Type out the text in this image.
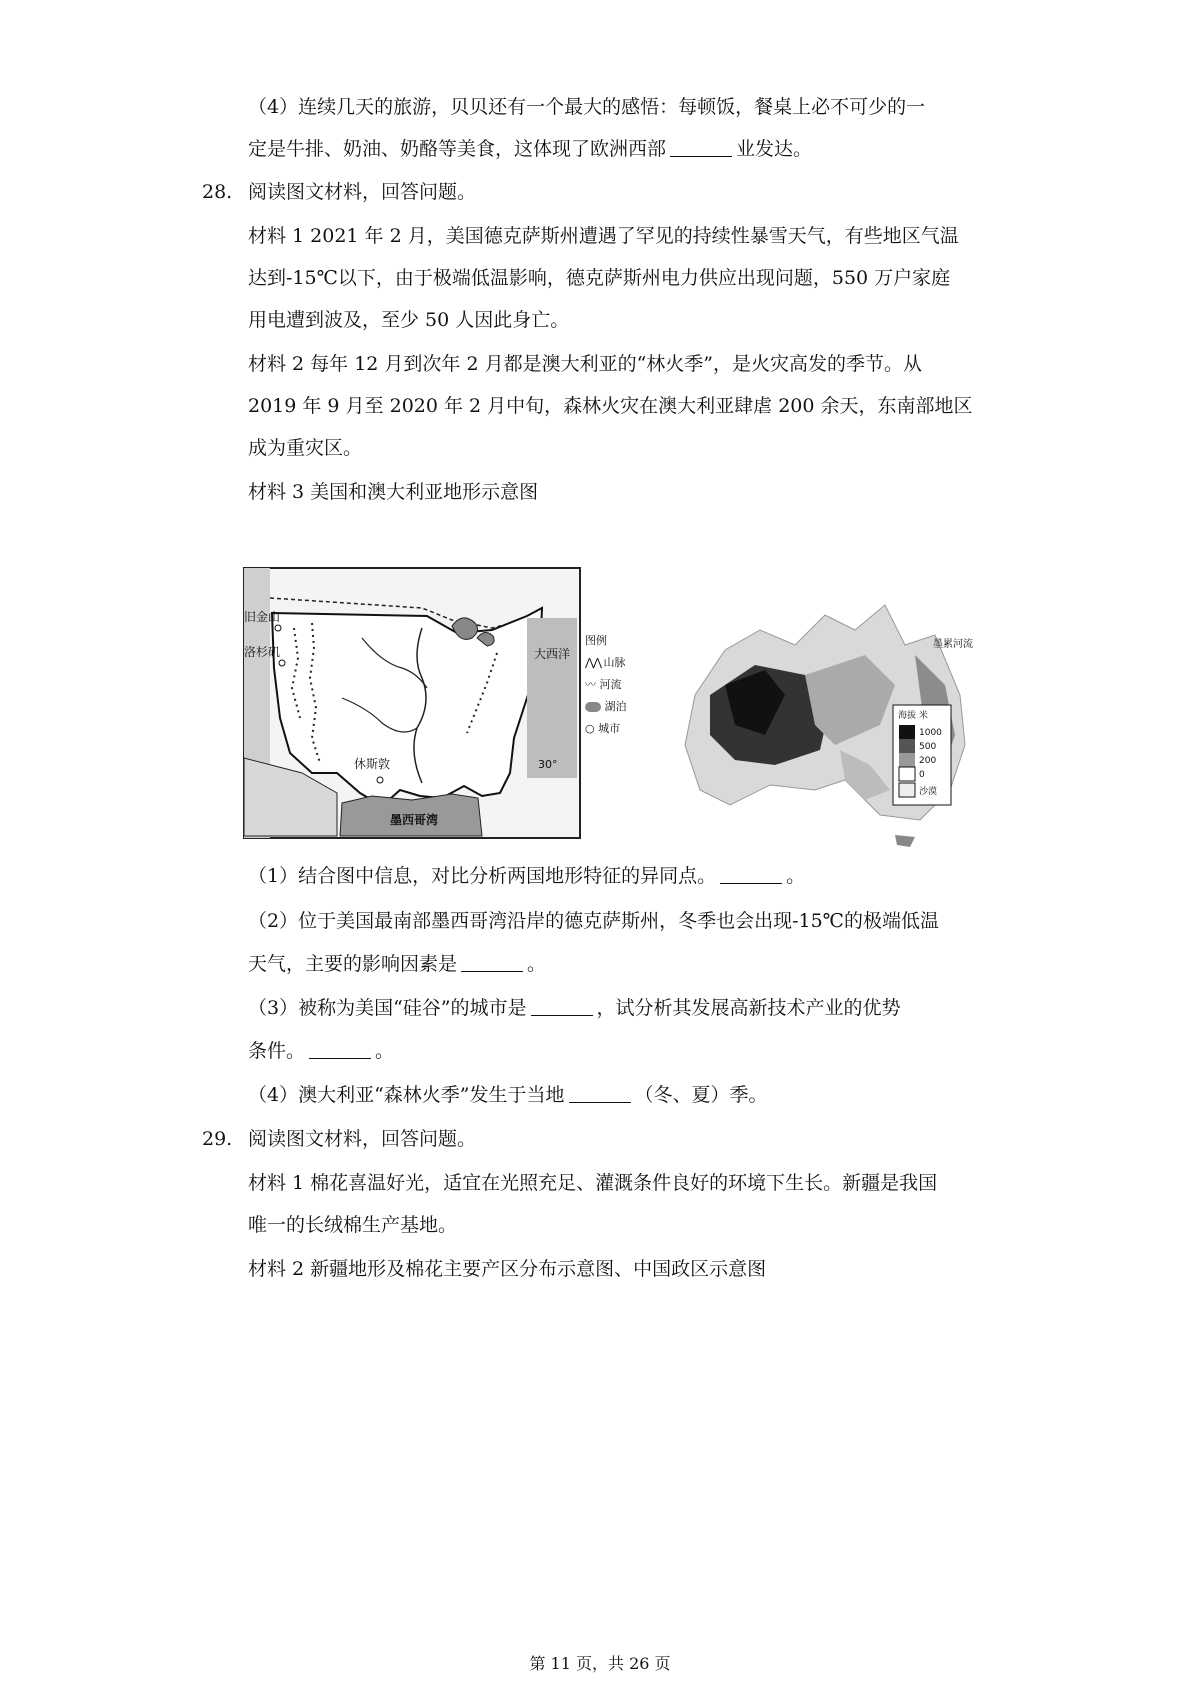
（4）连续几天的旅游，贝贝还有一个最大的感悟：每顿饭，餐桌上必不可少的一
定是牛排、奶油、奶酪等美食，这体现了欧洲西部	业发达。
28. 阅读图文材料，回答问题。
材料 1 2021 年 2 月，美国德克萨斯州遭遇了罕见的持续性暴雪天气，有些地区气温
达到-15℃以下，由于极端低温影响，德克萨斯州电力供应出现问题，550 万户家庭
用电遭到波及，至少 50 人因此身亡。
材料 2 每年 12 月到次年 2 月都是澳大利亚的“林火季”，是火灾高发的季节。从
2019 年 9 月至 2020 年 2 月中旬，森林火灾在澳大利亚肆虐 200 余天，东南部地区
成为重灾区。
材料 3 美国和澳大利亚地形示意图
墨西哥湾
大西洋
旧金山
洛杉矶
休斯敦	30°
图例
⋀⋀ 山脉
〰 河流
湖泊
○ 城市
墨累河流
海拔 米
1000
500
200
0
沙漠
（1）结合图中信息，对比分析两国地形特征的异同点。	。
（2）位于美国最南部墨西哥湾沿岸的德克萨斯州，冬季也会出现-15℃的极端低温
天气，主要的影响因素是	。
（3）被称为美国“硅谷”的城市是	，试分析其发展高新技术产业的优势
条件。	。
（4）澳大利亚“森林火季”发生于当地	（冬、夏）季。
29. 阅读图文材料，回答问题。
材料 1 棉花喜温好光，适宜在光照充足、灌溉条件良好的环境下生长。新疆是我国
唯一的长绒棉生产基地。
材料 2 新疆地形及棉花主要产区分布示意图、中国政区示意图
第 11 页，共 26 页
